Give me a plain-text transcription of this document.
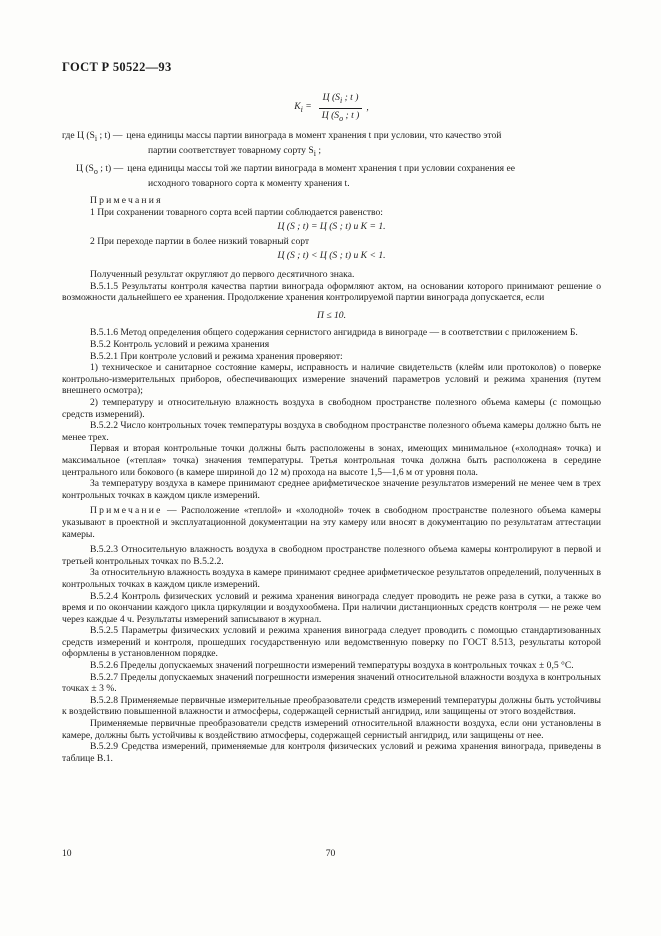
ГОСТ Р 50522—93
$K_i = \frac{Ц (S_i ; t )}{Ц (S_o ; t )}$ ,
где Ц ($S_i$ ; t) — цена единицы массы партии винограда в момент хранения t при условии, что качество этой

партии соответствует товарному сорту $S_i$ ;

Ц ($S_o$ ; t) — цена единицы массы той же партии винограда в момент хранения t при условии сохранения ее

исходного товарного сорта к моменту хранения t.

Примечания

1 При сохранении товарного сорта всей партии соблюдается равенство:

Ц (S ; t) = Ц (S ; t) и K = 1.

2 При переходе партии в более низкий товарный сорт

Ц (S ; t) < Ц (S ; t) и K < 1.

Полученный результат округляют до первого десятичного знака.

В.5.1.5 Результаты контроля качества партии винограда оформляют актом, на основании которого принимают решение о возможности дальнейшего ее хранения. Продолжение хранения контролируемой партии винограда допускается, если

П ≤ 10.

В.5.1.6 Метод определения общего содержания сернистого ангидрида в винограде — в соответствии с приложением Б.

В.5.2 Контроль условий и режима хранения

В.5.2.1 При контроле условий и режима хранения проверяют:

1) техническое и санитарное состояние камеры, исправность и наличие свидетельств (клейм или протоколов) о поверке контрольно-измерительных приборов, обеспечивающих измерение значений параметров условий и режима хранения (путем внешнего осмотра);

2) температуру и относительную влажность воздуха в свободном пространстве полезного объема камеры (с помощью средств измерений).

В.5.2.2 Число контрольных точек температуры воздуха в свободном пространстве полезного объема камеры должно быть не менее трех.

Первая и вторая контрольные точки должны быть расположены в зонах, имеющих минимальное («холодная» точка) и максимальное («теплая» точка) значения температуры. Третья контрольная точка должна быть расположена в середине центрального или бокового (в камере шириной до 12 м) прохода на высоте 1,5—1,6 м от уровня пола.

За температуру воздуха в камере принимают среднее арифметическое значение результатов измерений не менее чем в трех контрольных точках в каждом цикле измерений.

Примечание — Расположение «теплой» и «холодной» точек в свободном пространстве полезного объема камеры указывают в проектной и эксплуатационной документации на эту камеру или вносят в документацию по результатам аттестации камеры.

В.5.2.3 Относительную влажность воздуха в свободном пространстве полезного объема камеры контролируют в первой и третьей контрольных точках по В.5.2.2.

За относительную влажность воздуха в камере принимают среднее арифметическое результатов определений, полученных в контрольных точках в каждом цикле измерений.

В.5.2.4 Контроль физических условий и режима хранения винограда следует проводить не реже раза в сутки, а также во время и по окончании каждого цикла циркуляции и воздухообмена. При наличии дистанционных средств контроля — не реже чем через каждые 4 ч. Результаты измерений записывают в журнал.

В.5.2.5 Параметры физических условий и режима хранения винограда следует проводить с помощью стандартизованных средств измерений и контроля, прошедших государственную или ведомственную поверку по ГОСТ 8.513, результаты которой оформлены в установленном порядке.

В.5.2.6 Пределы допускаемых значений погрешности измерений температуры воздуха в контрольных точках ± 0,5 °С.

В.5.2.7 Пределы допускаемых значений погрешности измерения значений относительной влажности воздуха в контрольных точках ± 3 %.

В.5.2.8 Применяемые первичные измерительные преобразователи средств измерений температуры должны быть устойчивы к воздействию повышенной влажности и атмосферы, содержащей сернистый ангидрид, или защищены от этого воздействия.

Применяемые первичные преобразователи средств измерений относительной влажности воздуха, если они установлены в камере, должны быть устойчивы к воздействию атмосферы, содержащей сернистый ангидрид, или защищены от нее.

В.5.2.9 Средства измерений, применяемые для контроля физических условий и режима хранения винограда, приведены в таблице В.1.

10	70
